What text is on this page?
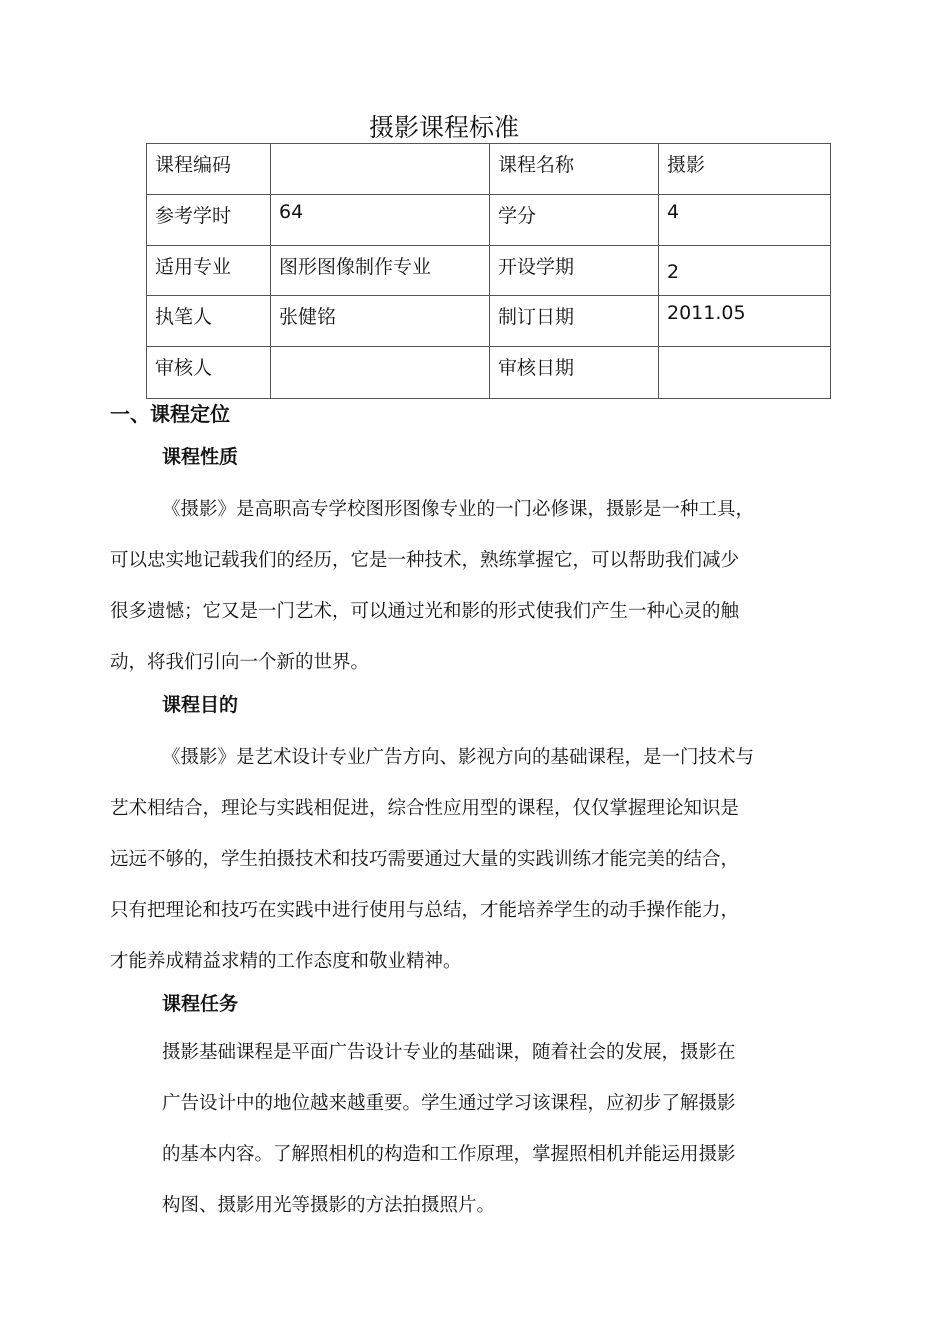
摄影课程标准
课程编码		课程名称	摄影
参考学时	64	学分	4
适用专业	图形图像制作专业	开设学期	2
执笔人	张健铭	制订日期	2011.05
审核人		审核日期	
一、课程定位
课程性质
《摄影》是高职高专学校图形图像专业的一门必修课，摄影是一种工具，
可以忠实地记载我们的经历，它是一种技术，熟练掌握它，可以帮助我们减少
很多遗憾；它又是一门艺术，可以通过光和影的形式使我们产生一种心灵的触
动，将我们引向一个新的世界。
课程目的
《摄影》是艺术设计专业广告方向、影视方向的基础课程，是一门技术与
艺术相结合，理论与实践相促进，综合性应用型的课程，仅仅掌握理论知识是
远远不够的，学生拍摄技术和技巧需要通过大量的实践训练才能完美的结合，
只有把理论和技巧在实践中进行使用与总结，才能培养学生的动手操作能力，
才能养成精益求精的工作态度和敬业精神。
课程任务
摄影基础课程是平面广告设计专业的基础课，随着社会的发展，摄影在
广告设计中的地位越来越重要。学生通过学习该课程，应初步了解摄影
的基本内容。了解照相机的构造和工作原理，掌握照相机并能运用摄影
构图、摄影用光等摄影的方法拍摄照片。
